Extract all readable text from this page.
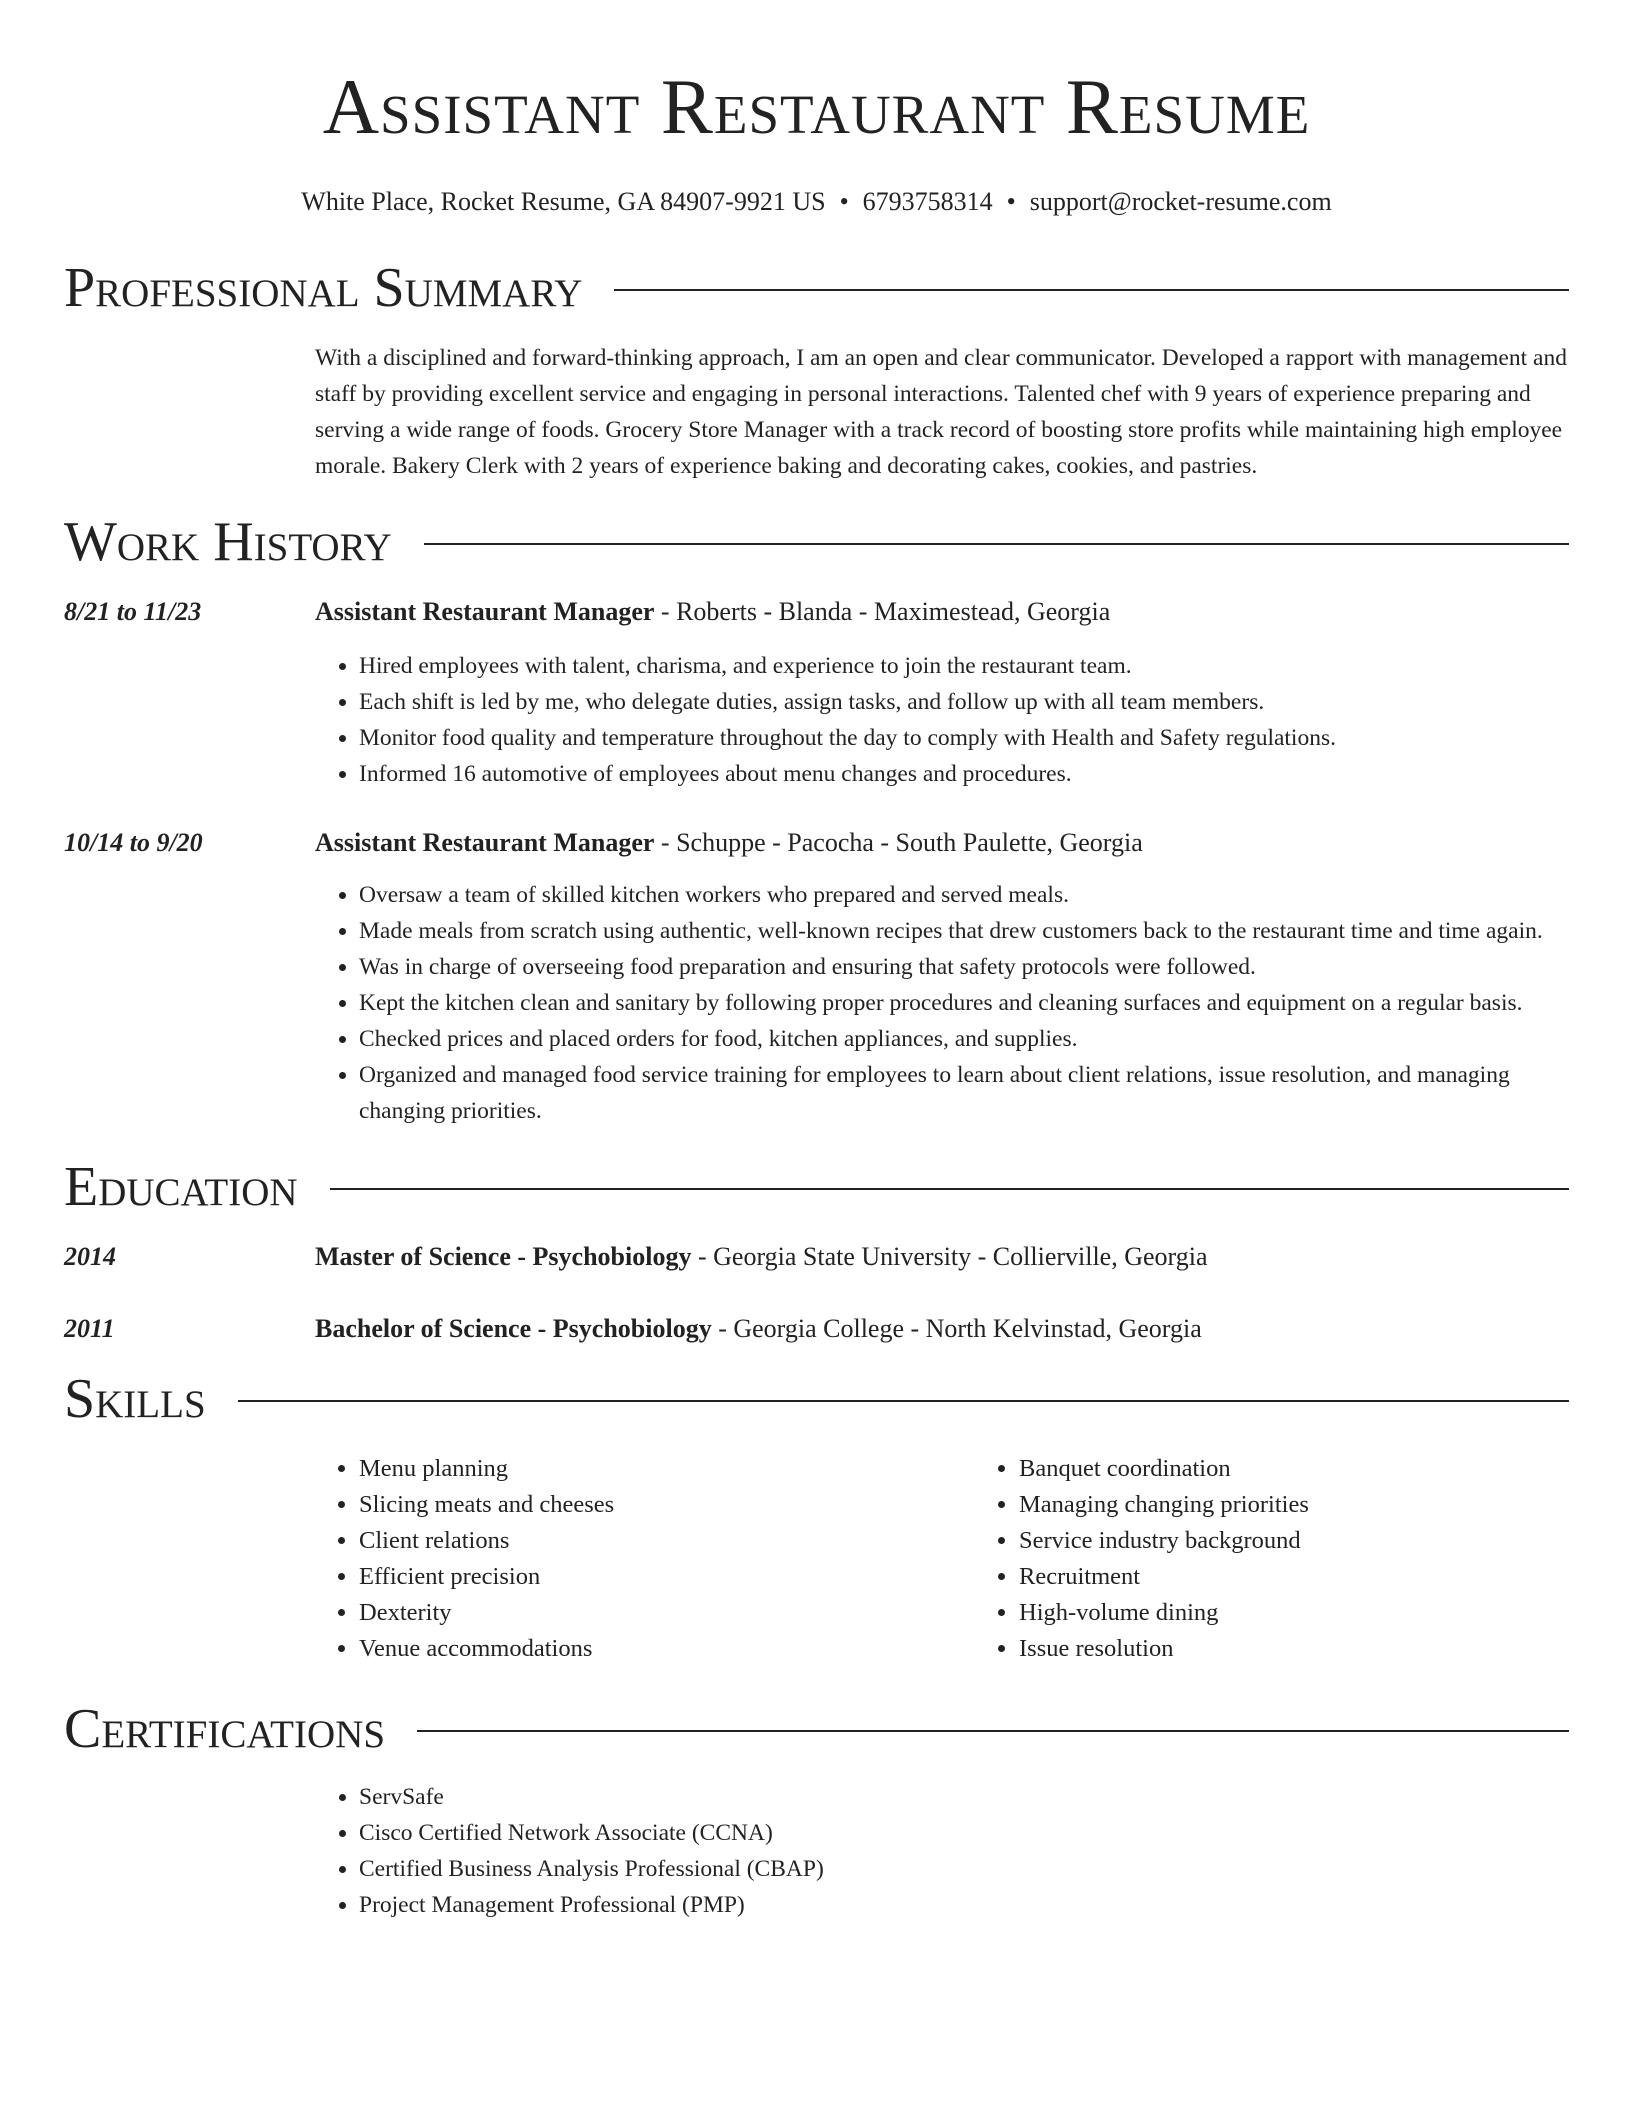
Assistant Restaurant Resume
White Place, Rocket Resume, GA 84907-9921 US • 6793758314 • support@rocket-resume.com
Professional Summary
With a disciplined and forward-thinking approach, I am an open and clear communicator. Developed a rapport with management and staff by providing excellent service and engaging in personal interactions. Talented chef with 9 years of experience preparing and serving a wide range of foods. Grocery Store Manager with a track record of boosting store profits while maintaining high employee morale. Bakery Clerk with 2 years of experience baking and decorating cakes, cookies, and pastries.
Work History
8/21 to 11/23	Assistant Restaurant Manager - Roberts - Blanda - Maximestead, Georgia
• Hired employees with talent, charisma, and experience to join the restaurant team.
• Each shift is led by me, who delegate duties, assign tasks, and follow up with all team members.
• Monitor food quality and temperature throughout the day to comply with Health and Safety regulations.
• Informed 16 automotive of employees about menu changes and procedures.
10/14 to 9/20	Assistant Restaurant Manager - Schuppe - Pacocha - South Paulette, Georgia
• Oversaw a team of skilled kitchen workers who prepared and served meals.
• Made meals from scratch using authentic, well-known recipes that drew customers back to the restaurant time and time again.
• Was in charge of overseeing food preparation and ensuring that safety protocols were followed.
• Kept the kitchen clean and sanitary by following proper procedures and cleaning surfaces and equipment on a regular basis.
• Checked prices and placed orders for food, kitchen appliances, and supplies.
• Organized and managed food service training for employees to learn about client relations, issue resolution, and managing changing priorities.
Education
2014	Master of Science - Psychobiology - Georgia State University - Collierville, Georgia
2011	Bachelor of Science - Psychobiology - Georgia College - North Kelvinstad, Georgia
Skills
• Menu planning
• Slicing meats and cheeses
• Client relations
• Efficient precision
• Dexterity
• Venue accommodations
• Banquet coordination
• Managing changing priorities
• Service industry background
• Recruitment
• High-volume dining
• Issue resolution
Certifications
• ServSafe
• Cisco Certified Network Associate (CCNA)
• Certified Business Analysis Professional (CBAP)
• Project Management Professional (PMP)
